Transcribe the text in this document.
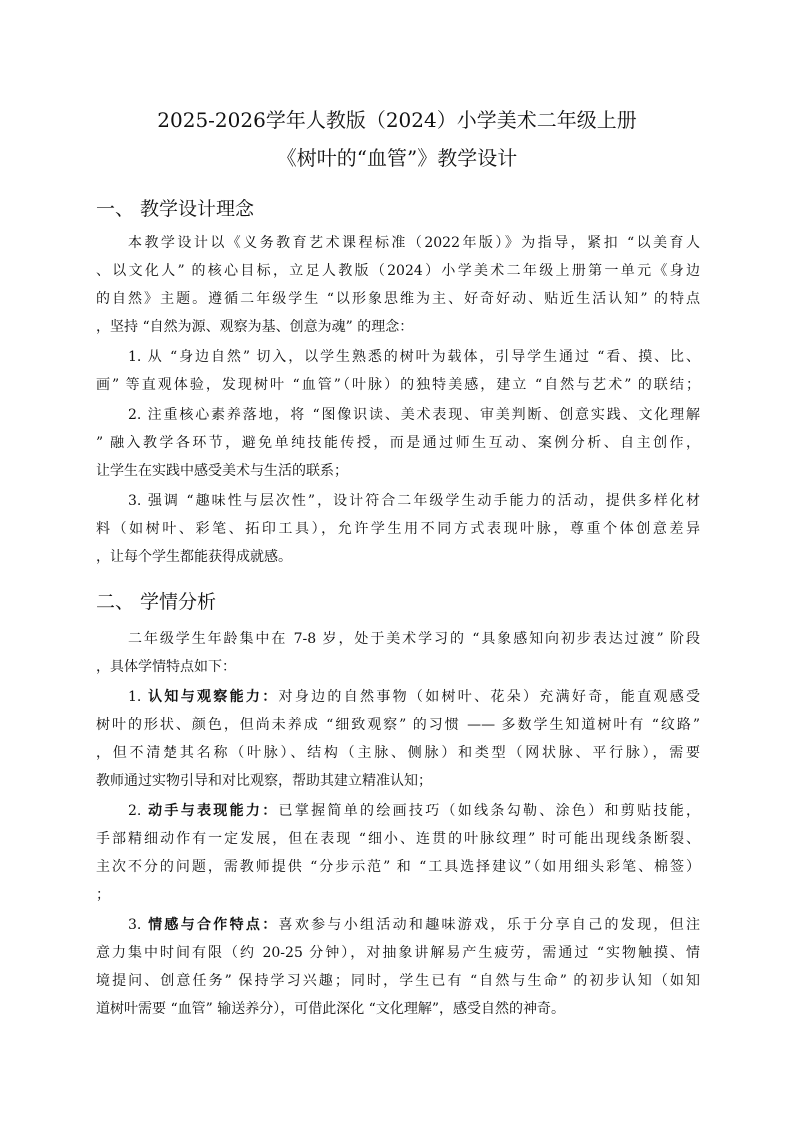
2025-2026学年人教版（2024）小学美术二年级上册
《树叶的“血管”》教学设计
一、 教学设计理念
本教学设计以《义务教育艺术课程标准（2022年版）》为指导，紧扣 “以美育人
、以文化人” 的核心目标，立足人教版（2024）小学美术二年级上册第一单元《身边
的自然》主题。遵循二年级学生 “以形象思维为主、好奇好动、贴近生活认知” 的特点
，坚持 “自然为源、观察为基、创意为魂” 的理念：
1. 从 “身边自然” 切入，以学生熟悉的树叶为载体，引导学生通过 “看、摸、比、
画” 等直观体验，发现树叶 “血管”（叶脉）的独特美感，建立 “自然与艺术” 的联结；
2. 注重核心素养落地，将 “图像识读、美术表现、审美判断、创意实践、文化理解
” 融入教学各环节，避免单纯技能传授，而是通过师生互动、案例分析、自主创作，
让学生在实践中感受美术与生活的联系；
3. 强调 “趣味性与层次性”，设计符合二年级学生动手能力的活动，提供多样化材
料（如树叶、彩笔、拓印工具），允许学生用不同方式表现叶脉，尊重个体创意差异
，让每个学生都能获得成就感。
二、 学情分析
二年级学生年龄集中在 7-8 岁，处于美术学习的 “具象感知向初步表达过渡” 阶段
，具体学情特点如下：
1. 认知与观察能力：对身边的自然事物（如树叶、花朵）充满好奇，能直观感受
树叶的形状、颜色，但尚未养成 “细致观察” 的习惯 —— 多数学生知道树叶有 “纹路”
，但不清楚其名称（叶脉）、结构（主脉、侧脉）和类型（网状脉、平行脉），需要
教师通过实物引导和对比观察，帮助其建立精准认知；
2. 动手与表现能力：已掌握简单的绘画技巧（如线条勾勒、涂色）和剪贴技能，
手部精细动作有一定发展，但在表现 “细小、连贯的叶脉纹理” 时可能出现线条断裂、
主次不分的问题，需教师提供 “分步示范” 和 “工具选择建议”（如用细头彩笔、棉签）
；
3. 情感与合作特点：喜欢参与小组活动和趣味游戏，乐于分享自己的发现，但注
意力集中时间有限（约 20-25 分钟），对抽象讲解易产生疲劳，需通过 “实物触摸、情
境提问、创意任务” 保持学习兴趣；同时，学生已有 “自然与生命” 的初步认知（如知
道树叶需要 “血管” 输送养分），可借此深化 “文化理解”，感受自然的神奇。
